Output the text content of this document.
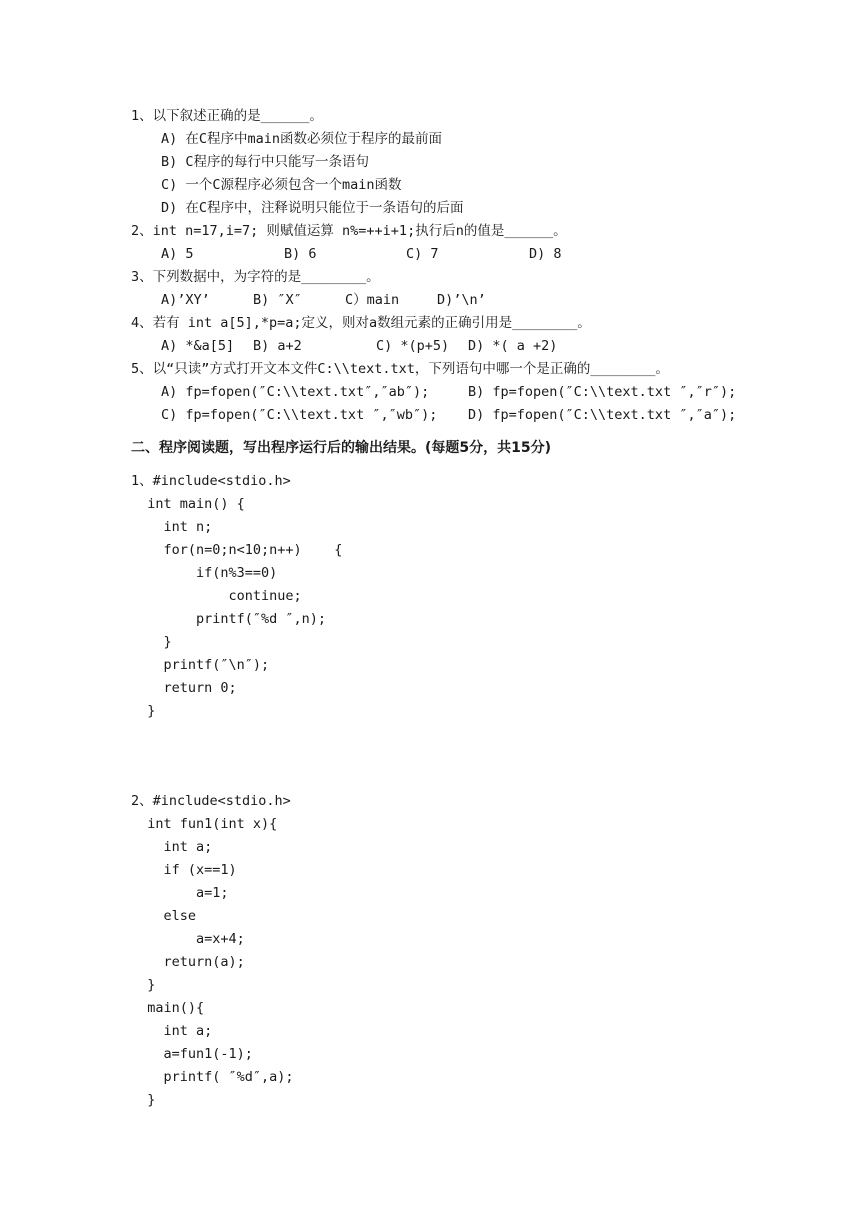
1、以下叙述正确的是______。
A) 在C程序中main函数必须位于程序的最前面
B) C程序的每行中只能写一条语句
C) 一个C源程序必须包含一个main函数
D) 在C程序中，注释说明只能位于一条语句的后面
2、int n=17,i=7; 则赋值运算 n%=++i+1;执行后n的值是______。
A) 5	B) 6	C) 7	D) 8
3、下列数据中，为字符的是________。
A)’XY’	B) ″X″	C）main	D)’\n’
4、若有 int a[5],*p=a;定义，则对a数组元素的正确引用是________。
A) *&a[5] B) a+2	C) *(p+5) D) *( a +2)
5、以“只读”方式打开文本文件C:\\text.txt，下列语句中哪一个是正确的________。
A) fp=fopen(″C:\\text.txt″,″ab″);	B) fp=fopen(″C:\\text.txt ″,″r″);
C) fp=fopen(″C:\\text.txt ″,″wb″); D) fp=fopen(″C:\\text.txt ″,″a″);
二、程序阅读题，写出程序运行后的输出结果。(每题5分，共15分)
1、#include<stdio.h>
int main() {
int n;
for(n=0;n<10;n++)    {
if(n%3==0)
continue;
printf(″%d ″,n);
}
printf(″\n″);
return 0;
}
2、#include<stdio.h>
int fun1(int x){
int a;
if (x==1)
a=1;
else
a=x+4;
return(a);
}
main(){
int a;
a=fun1(-1);
printf( ″%d″,a);
}
